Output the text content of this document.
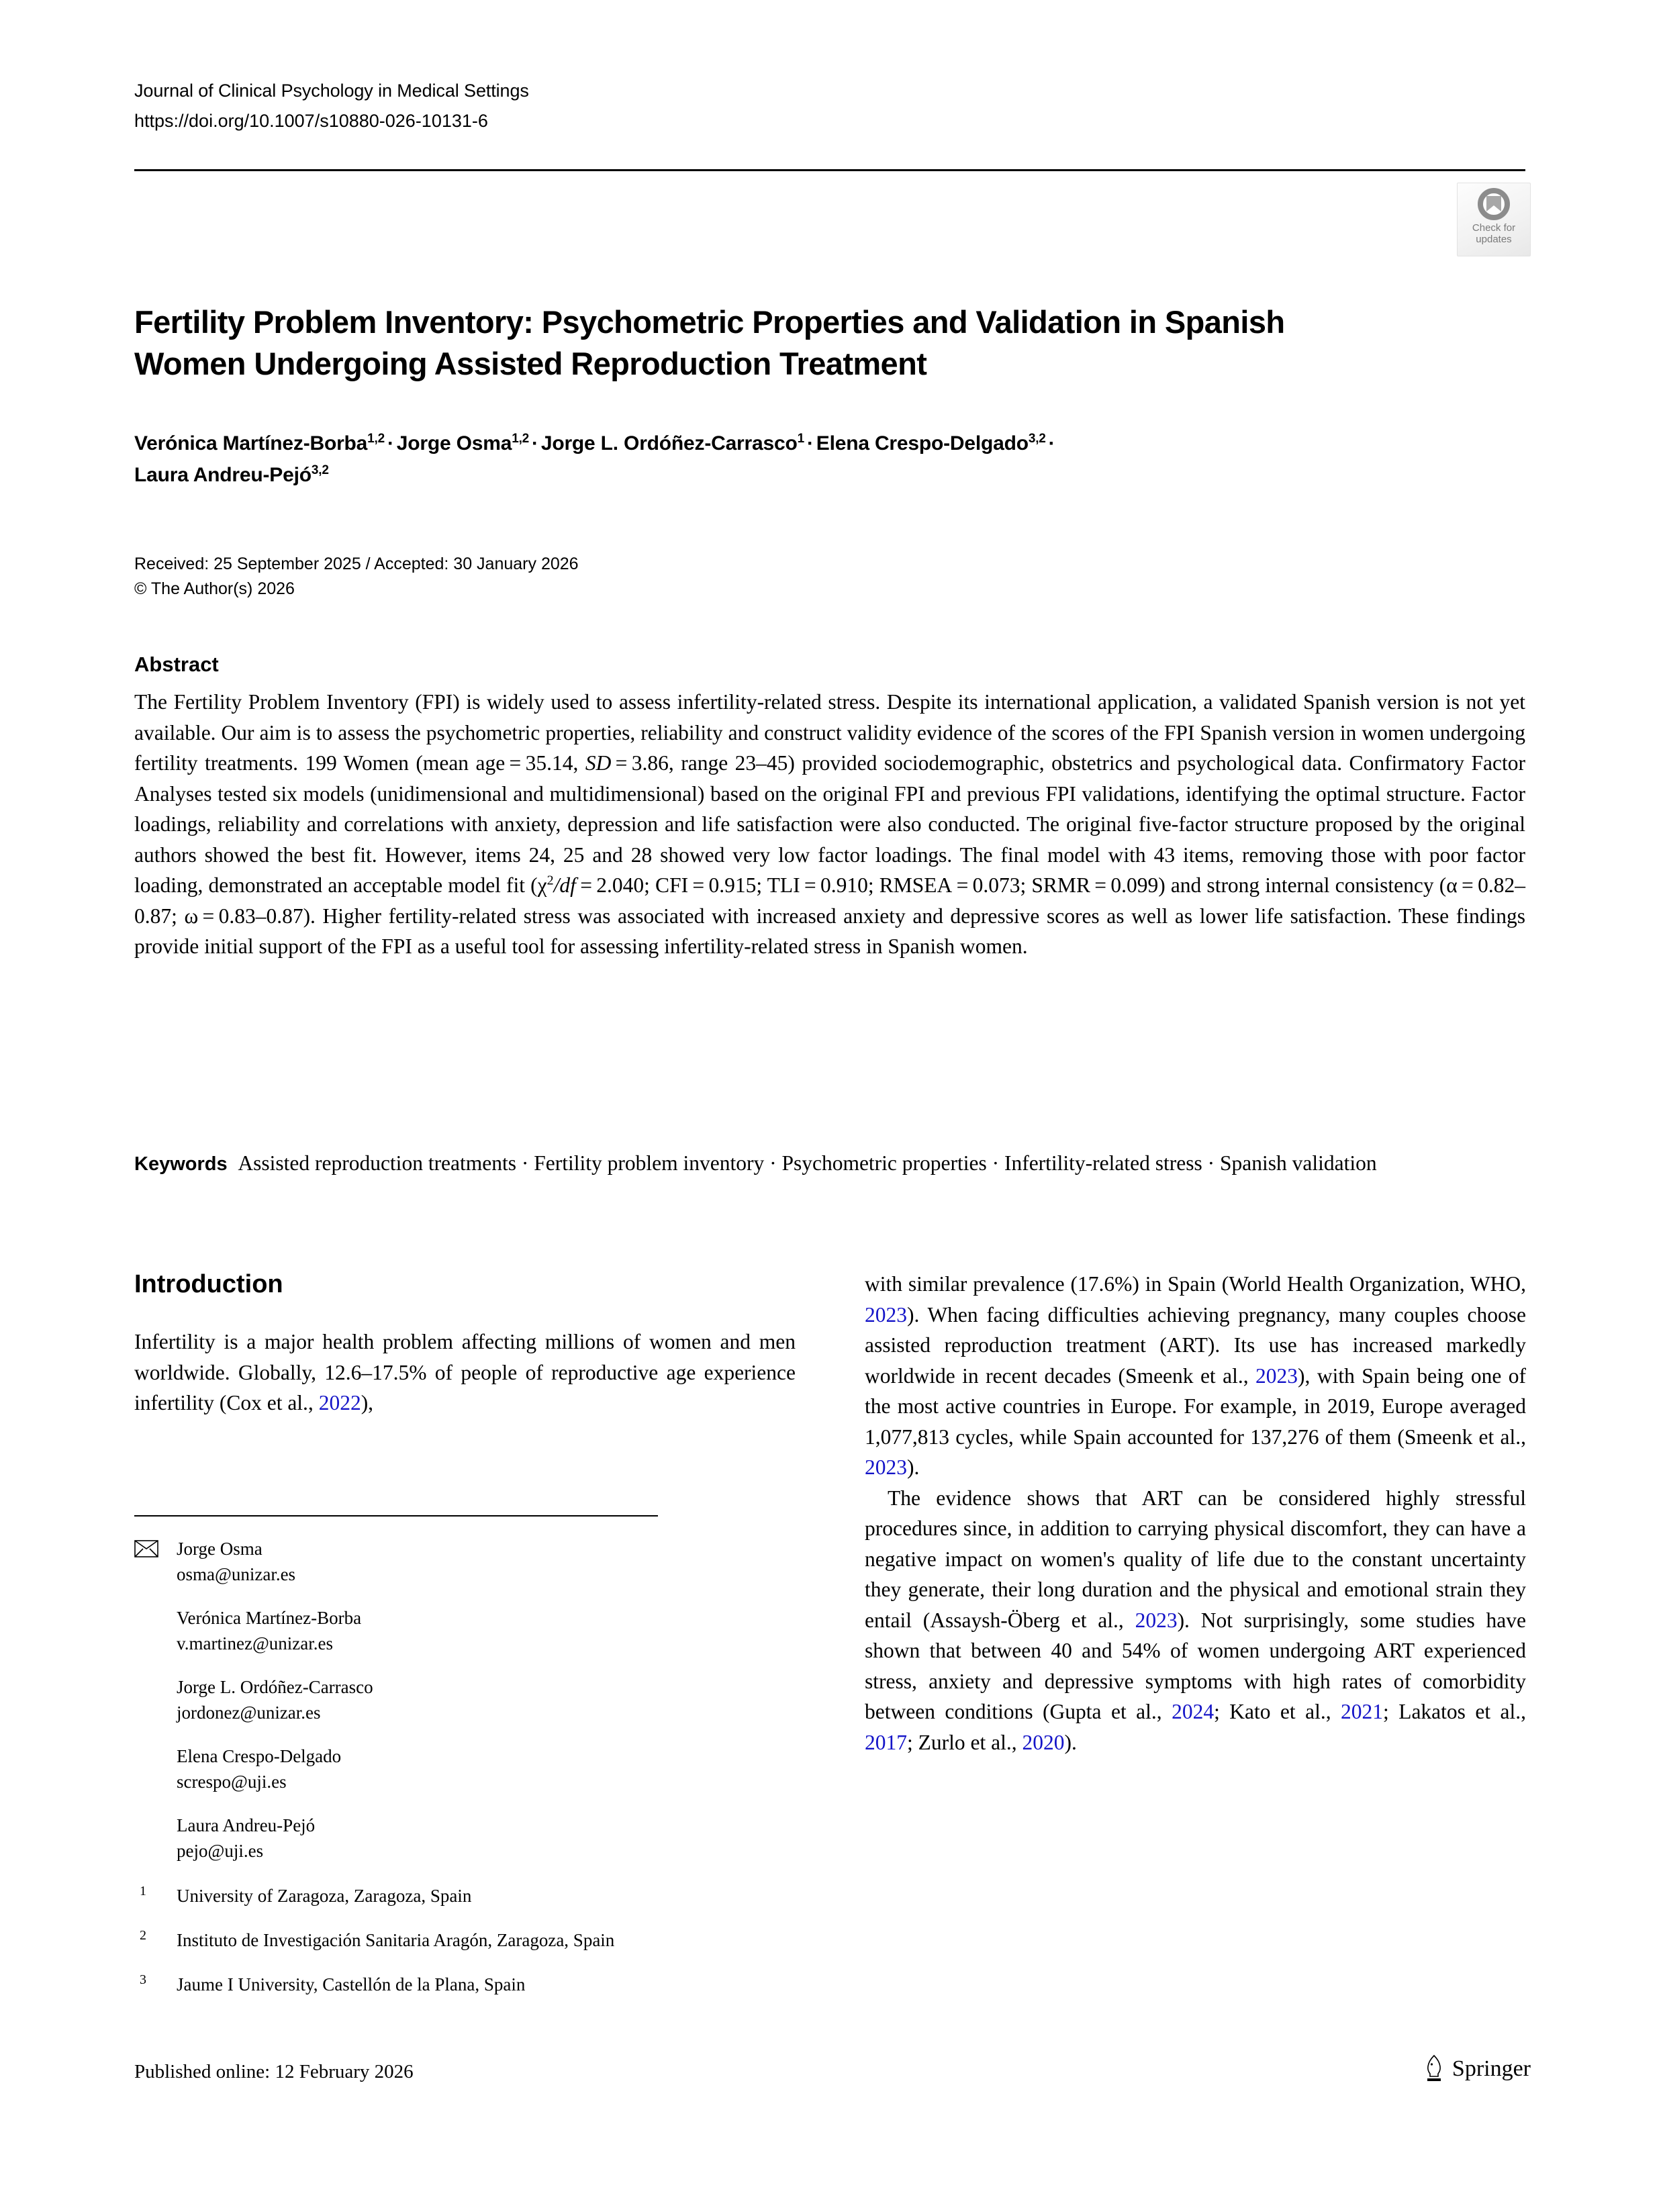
Journal of Clinical Psychology in Medical Settings
https://doi.org/10.1007/s10880-026-10131-6
Check for
updates
Fertility Problem Inventory: Psychometric Properties and Validation in Spanish Women Undergoing Assisted Reproduction Treatment
Verónica Martínez-Borba$^{1,2}$ · Jorge Osma$^{1,2}$ · Jorge L. Ordóñez-Carrasco$^1$ · Elena Crespo-Delgado$^{3,2}$ ·
Laura Andreu-Pejó$^{3,2}$
Received: 25 September 2025 / Accepted: 30 January 2026
© The Author(s) 2026
Abstract
The Fertility Problem Inventory (FPI) is widely used to assess infertility-related stress. Despite its international application, a validated Spanish version is not yet available. Our aim is to assess the psychometric properties, reliability and construct validity evidence of the scores of the FPI Spanish version in women undergoing fertility treatments. 199 Women (mean age = 35.14, SD = 3.86, range 23–45) provided sociodemographic, obstetrics and psychological data. Confirmatory Factor Analyses tested six models (unidimensional and multidimensional) based on the original FPI and previous FPI validations, identifying the optimal structure. Factor loadings, reliability and correlations with anxiety, depression and life satisfaction were also conducted. The original five-factor structure proposed by the original authors showed the best fit. However, items 24, 25 and 28 showed very low factor loadings. The final model with 43 items, removing those with poor factor loading, demonstrated an acceptable model fit ($\chi^2/df = 2.040$; CFI = 0.915; TLI = 0.910; RMSEA = 0.073; SRMR = 0.099) and strong internal consistency (α = 0.82–0.87; ω = 0.83–0.87). Higher fertility-related stress was associated with increased anxiety and depressive scores as well as lower life satisfaction. These findings provide initial support of the FPI as a useful tool for assessing infertility-related stress in Spanish women.
Keywords Assisted reproduction treatments · Fertility problem inventory · Psychometric properties · Infertility-related stress · Spanish validation
Introduction

Infertility is a major health problem affecting millions of women and men worldwide. Globally, 12.6–17.5% of people of reproductive age experience infertility (Cox et al., 2022),

with similar prevalence (17.6%) in Spain (World Health Organization, WHO, 2023). When facing difficulties achieving pregnancy, many couples choose assisted reproduction treatment (ART). Its use has increased markedly worldwide in recent decades (Smeenk et al., 2023), with Spain being one of the most active countries in Europe. For example, in 2019, Europe averaged 1,077,813 cycles, while Spain accounted for 137,276 of them (Smeenk et al., 2023).

The evidence shows that ART can be considered highly stressful procedures since, in addition to carrying physical discomfort, they can have a negative impact on women's quality of life due to the constant uncertainty they generate, their long duration and the physical and emotional strain they entail (Assaysh-Öberg et al., 2023). Not surprisingly, some studies have shown that between 40 and 54% of women undergoing ART experienced stress, anxiety and depressive symptoms with high rates of comorbidity between conditions (Gupta et al., 2024; Kato et al., 2021; Lakatos et al., 2017; Zurlo et al., 2020).

Jorge Osma
osma@unizar.es
Verónica Martínez-Borba
v.martinez@unizar.es
Jorge L. Ordóñez-Carrasco
jordonez@unizar.es
Elena Crespo-Delgado
screspo@uji.es
Laura Andreu-Pejó
pejo@uji.es
1 University of Zaragoza, Zaragoza, Spain
2 Instituto de Investigación Sanitaria Aragón, Zaragoza, Spain
3 Jaume I University, Castellón de la Plana, Spain
Published online: 12 February 2026	Springer
